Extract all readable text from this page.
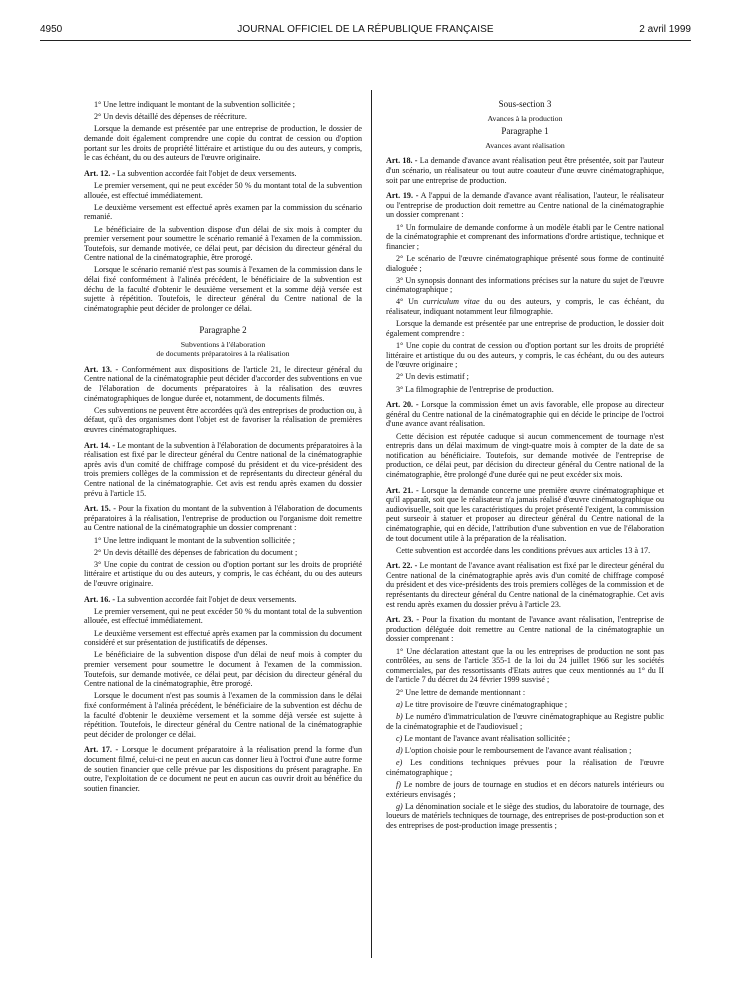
4950	JOURNAL OFFICIEL DE LA RÉPUBLIQUE FRANÇAISE	2 avril 1999

1° Une lettre indiquant le montant de la subvention sollicitée ;

2° Un devis détaillé des dépenses de réécriture.

Lorsque la demande est présentée par une entreprise de production, le dossier de demande doit également comprendre une copie du contrat de cession ou d'option portant sur les droits de propriété littéraire et artistique du ou des auteurs, y compris, le cas échéant, du ou des auteurs de l'œuvre originaire.

Art. 12. - La subvention accordée fait l'objet de deux versements.

Le premier versement, qui ne peut excéder 50 % du montant total de la subvention allouée, est effectué immédiatement.

Le deuxième versement est effectué après examen par la commission du scénario remanié.

Le bénéficiaire de la subvention dispose d'un délai de six mois à compter du premier versement pour soumettre le scénario remanié à l'examen de la commission. Toutefois, sur demande motivée, ce délai peut, par décision du directeur général du Centre national de la cinématographie, être prorogé.

Lorsque le scénario remanié n'est pas soumis à l'examen de la commission dans le délai fixé conformément à l'alinéa précédent, le bénéficiaire de la subvention est déchu de la faculté d'obtenir le deuxième versement et la somme déjà versée est sujette à répétition. Toutefois, le directeur général du Centre national de la cinématographie peut décider de prolonger ce délai.

Paragraphe 2

Subventions à l'élaboration

de documents préparatoires à la réalisation

Art. 13. - Conformément aux dispositions de l'article 21, le directeur général du Centre national de la cinématographie peut décider d'accorder des subventions en vue de l'élaboration de documents préparatoires à la réalisation des œuvres cinématographiques de longue durée et, notamment, de documents filmés.

Ces subventions ne peuvent être accordées qu'à des entreprises de production ou, à défaut, qu'à des organismes dont l'objet est de favoriser la réalisation de premières œuvres cinématographiques.

Art. 14. - Le montant de la subvention à l'élaboration de documents préparatoires à la réalisation est fixé par le directeur général du Centre national de la cinématographie après avis d'un comité de chiffrage composé du président et du vice-président des trois premiers collèges de la commission et de représentants du directeur général du Centre national de la cinématographie. Cet avis est rendu après examen du dossier prévu à l'article 15.

Art. 15. - Pour la fixation du montant de la subvention à l'élaboration de documents préparatoires à la réalisation, l'entreprise de production ou l'organisme doit remettre au Centre national de la cinématographie un dossier comprenant :

1° Une lettre indiquant le montant de la subvention sollicitée ;

2° Un devis détaillé des dépenses de fabrication du document ;

3° Une copie du contrat de cession ou d'option portant sur les droits de propriété littéraire et artistique du ou des auteurs, y compris, le cas échéant, du ou des auteurs de l'œuvre originaire.

Art. 16. - La subvention accordée fait l'objet de deux versements.

Le premier versement, qui ne peut excéder 50 % du montant total de la subvention allouée, est effectué immédiatement.

Le deuxième versement est effectué après examen par la commission du document considéré et sur présentation de justificatifs de dépenses.

Le bénéficiaire de la subvention dispose d'un délai de neuf mois à compter du premier versement pour soumettre le document à l'examen de la commission. Toutefois, sur demande motivée, ce délai peut, par décision du directeur général du Centre national de la cinématographie, être prorogé.

Lorsque le document n'est pas soumis à l'examen de la commission dans le délai fixé conformément à l'alinéa précédent, le bénéficiaire de la subvention est déchu de la faculté d'obtenir le deuxième versement et la somme déjà versée est sujette à répétition. Toutefois, le directeur général du Centre national de la cinématographie peut décider de prolonger ce délai.

Art. 17. - Lorsque le document préparatoire à la réalisation prend la forme d'un document filmé, celui-ci ne peut en aucun cas donner lieu à l'octroi d'une autre forme de soutien financier que celle prévue par les dispositions du présent paragraphe. En outre, l'exploitation de ce document ne peut en aucun cas ouvrir droit au bénéfice du soutien financier.

Sous-section 3

Avances à la production

Paragraphe 1

Avances avant réalisation

Art. 18. - La demande d'avance avant réalisation peut être présentée, soit par l'auteur d'un scénario, un réalisateur ou tout autre coauteur d'une œuvre cinématographique, soit par une entreprise de production.

Art. 19. - A l'appui de la demande d'avance avant réalisation, l'auteur, le réalisateur ou l'entreprise de production doit remettre au Centre national de la cinématographie un dossier comprenant :

1° Un formulaire de demande conforme à un modèle établi par le Centre national de la cinématographie et comprenant des informations d'ordre artistique, technique et financier ;

2° Le scénario de l'œuvre cinématographique présenté sous forme de continuité dialoguée ;

3° Un synopsis donnant des informations précises sur la nature du sujet de l'œuvre cinématographique ;

4° Un curriculum vitae du ou des auteurs, y compris, le cas échéant, du réalisateur, indiquant notamment leur filmographie.

Lorsque la demande est présentée par une entreprise de production, le dossier doit également comprendre :

1° Une copie du contrat de cession ou d'option portant sur les droits de propriété littéraire et artistique du ou des auteurs, y compris, le cas échéant, du ou des auteurs de l'œuvre originaire ;

2° Un devis estimatif ;

3° La filmographie de l'entreprise de production.

Art. 20. - Lorsque la commission émet un avis favorable, elle propose au directeur général du Centre national de la cinématographie qui en décide le principe de l'octroi d'une avance avant réalisation.

Cette décision est réputée caduque si aucun commencement de tournage n'est entrepris dans un délai maximum de vingt-quatre mois à compter de la date de sa notification au bénéficiaire. Toutefois, sur demande motivée de l'entreprise de production, ce délai peut, par décision du directeur général du Centre national de la cinématographie, être prolongé d'une durée qui ne peut excéder six mois.

Art. 21. - Lorsque la demande concerne une première œuvre cinématographique et qu'il apparaît, soit que le réalisateur n'a jamais réalisé d'œuvre cinématographique ou audiovisuelle, soit que les caractéristiques du projet présenté l'exigent, la commission peut surseoir à statuer et proposer au directeur général du Centre national de la cinématographie, qui en décide, l'attribution d'une subvention en vue de l'élaboration de tout document utile à la préparation de la réalisation.

Cette subvention est accordée dans les conditions prévues aux articles 13 à 17.

Art. 22. - Le montant de l'avance avant réalisation est fixé par le directeur général du Centre national de la cinématographie après avis d'un comité de chiffrage composé du président et des vice-présidents des trois premiers collèges de la commission et de représentants du directeur général du Centre national de la cinématographie. Cet avis est rendu après examen du dossier prévu à l'article 23.

Art. 23. - Pour la fixation du montant de l'avance avant réalisation, l'entreprise de production déléguée doit remettre au Centre national de la cinématographie un dossier comprenant :

1° Une déclaration attestant que la ou les entreprises de production ne sont pas contrôlées, au sens de l'article 355-1 de la loi du 24 juillet 1966 sur les sociétés commerciales, par des ressortissants d'Etats autres que ceux mentionnés au 1° du II de l'article 7 du décret du 24 février 1999 susvisé ;

2° Une lettre de demande mentionnant :

a) Le titre provisoire de l'œuvre cinématographique ;

b) Le numéro d'immatriculation de l'œuvre cinématographique au Registre public de la cinématographie et de l'audiovisuel ;

c) Le montant de l'avance avant réalisation sollicitée ;

d) L'option choisie pour le remboursement de l'avance avant réalisation ;

e) Les conditions techniques prévues pour la réalisation de l'œuvre cinématographique ;

f) Le nombre de jours de tournage en studios et en décors naturels intérieurs ou extérieurs envisagés ;

g) La dénomination sociale et le siège des studios, du laboratoire de tournage, des loueurs de matériels techniques de tournage, des entreprises de post-production son et des entreprises de post-production image pressentis ;
